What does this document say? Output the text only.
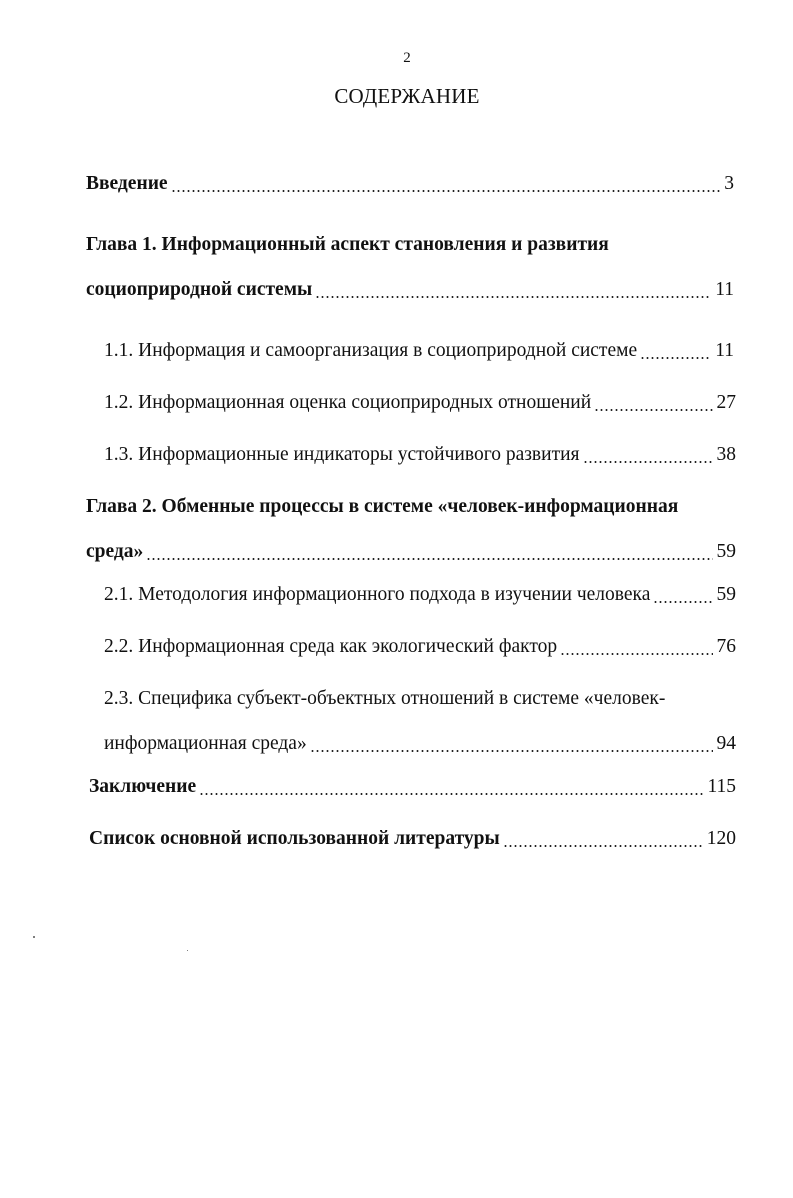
2
СОДЕРЖАНИЕ
Введение	3
Глава 1. Информационный аспект становления и развития
социоприродной системы	11
1.1. Информация и самоорганизация в социоприродной системе	11
1.2. Информационная оценка социоприродных отношений	27
1.3. Информационные индикаторы устойчивого развития	38
Глава 2. Обменные процессы в системе «человек-информационная
среда»	59
2.1. Методология информационного подхода в изучении человека	59
2.2. Информационная среда как экологический фактор	76
2.3. Специфика субъект-объектных отношений в системе «человек-
информационная среда»	94
Заключение	115
Список основной использованной литературы	120
